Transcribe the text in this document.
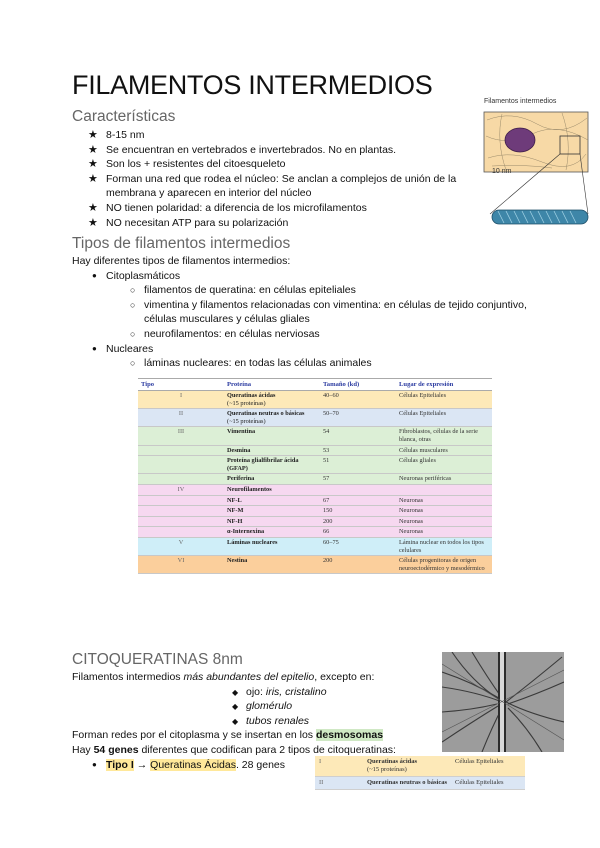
FILAMENTOS INTERMEDIOS
Características
★ 8-15 nm
★ Se encuentran en vertebrados e invertebrados. No en plantas.
★ Son los + resistentes del citoesqueleto
★ Forman una red que rodea el núcleo: Se anclan a complejos de unión de la membrana y aparecen en interior del núcleo
★ NO tienen polaridad: a diferencia de los microfilamentos
★ NO necesitan ATP para su polarización
Filamentos intermedios
10 nm
Tipos de filamentos intermedios

Hay diferentes tipos de filamentos intermedios:

● Citoplasmáticos
○ filamentos de queratina: en células epiteliales
○ vimentina y filamentos relacionadas con vimentina: en células de tejido conjuntivo, células musculares y células gliales
○ neurofilamentos: en células nerviosas
● Nucleares
○ láminas nucleares: en todas las células animales
Tipo	Proteína	Tamaño (kd)	Lugar de expresión
I	Queratinas ácidas
(~15 proteínas)	40–60	Células Epiteliales
II	Queratinas neutras o básicas
(~15 proteínas)	50–70	Células Epiteliales
III	Vimentina	54	Fibroblastos, células de la serie blanca, otras
	Desmina	53	Células musculares
	Proteína glialfibrilar ácida (GFAP)	51	Células gliales
	Periferina	57	Neuronas periféricas
IV	Neurofilamentos		
	NF-L	67	Neuronas
	NF-M	150	Neuronas
	NF-H	200	Neuronas
	α-Internexina	66	Neuronas
V	Láminas nucleares	60–75	Lámina nuclear en todos los tipos celulares
VI	Nestina	200	Células progenitoras de origen neuroectodérmico y mesodérmico
CITOQUERATINAS 8nm

Filamentos intermedios más abundantes del epitelio, excepto en:

◆ ojo: iris, cristalino
◆ glomérulo
◆ tubos renales

Forman redes por el citoplasma y se insertan en los desmosomas

Hay 54 genes diferentes que codifican para 2 tipos de citoqueratinas:

● Tipo I → Queratinas Ácidas. 28 genes	I	Queratinas ácidas
(~15 proteínas)	Células Epiteliales
II	Queratinas neutras o básicas	Células Epiteliales
